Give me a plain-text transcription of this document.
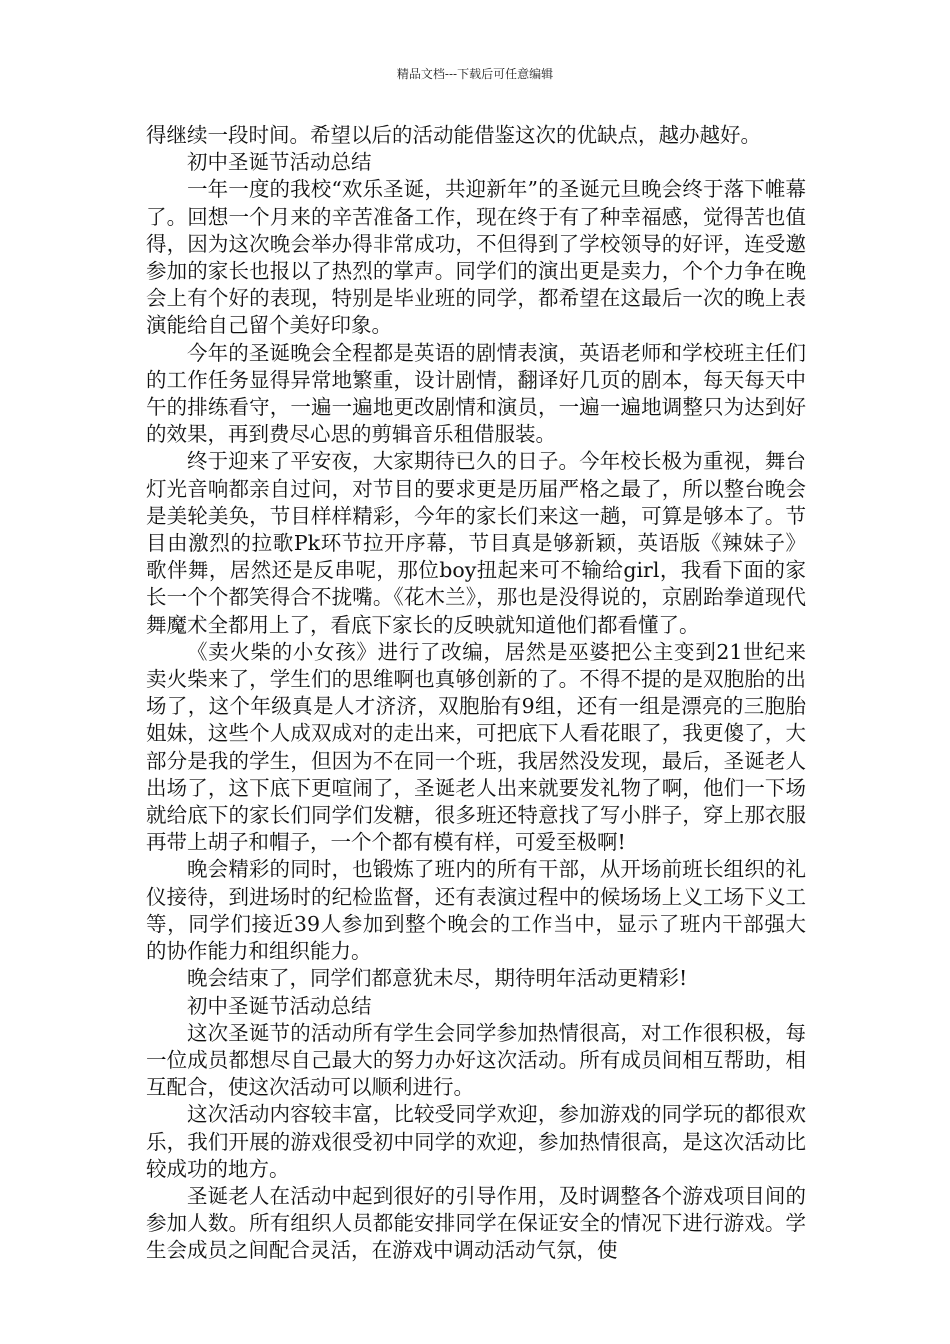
精品文档---下载后可任意编辑

得继续一段时间。希望以后的活动能借鉴这次的优缺点，越办越好。

初中圣诞节活动总结

一年一度的我校“欢乐圣诞，共迎新年”的圣诞元旦晚会终于落下帷幕了。回想一个月来的辛苦准备工作，现在终于有了种幸福感，觉得苦也值得，因为这次晚会举办得非常成功，不但得到了学校领导的好评，连受邀参加的家长也报以了热烈的掌声。同学们的演出更是卖力，个个力争在晚会上有个好的表现，特别是毕业班的同学，都希望在这最后一次的晚上表演能给自己留个美好印象。

今年的圣诞晚会全程都是英语的剧情表演，英语老师和学校班主任们的工作任务显得异常地繁重，设计剧情，翻译好几页的剧本，每天每天中午的排练看守，一遍一遍地更改剧情和演员，一遍一遍地调整只为达到好的效果，再到费尽心思的剪辑音乐租借服装。

终于迎来了平安夜，大家期待已久的日子。今年校长极为重视，舞台灯光音响都亲自过问，对节目的要求更是历届严格之最了，所以整台晚会是美轮美奂，节目样样精彩，今年的家长们来这一趟，可算是够本了。节目由激烈的拉歌Pk环节拉开序幕，节目真是够新颖，英语版《辣妹子》歌伴舞，居然还是反串呢，那位boy扭起来可不输给girl，我看下面的家长一个个都笑得合不拢嘴。《花木兰》，那也是没得说的，京剧跆拳道现代舞魔术全都用上了，看底下家长的反映就知道他们都看懂了。

《卖火柴的小女孩》进行了改编，居然是巫婆把公主变到21世纪来卖火柴来了，学生们的思维啊也真够创新的了。不得不提的是双胞胎的出场了，这个年级真是人才济济，双胞胎有9组，还有一组是漂亮的三胞胎姐妹，这些个人成双成对的走出来，可把底下人看花眼了，我更傻了，大部分是我的学生，但因为不在同一个班，我居然没发现，最后，圣诞老人出场了，这下底下更喧闹了，圣诞老人出来就要发礼物了啊，他们一下场就给底下的家长们同学们发糖，很多班还特意找了写小胖子，穿上那衣服再带上胡子和帽子，一个个都有模有样，可爱至极啊!

晚会精彩的同时，也锻炼了班内的所有干部，从开场前班长组织的礼仪接待，到进场时的纪检监督，还有表演过程中的候场场上义工场下义工等，同学们接近39人参加到整个晚会的工作当中，显示了班内干部强大的协作能力和组织能力。

晚会结束了，同学们都意犹未尽，期待明年活动更精彩!

初中圣诞节活动总结

这次圣诞节的活动所有学生会同学参加热情很高，对工作很积极，每一位成员都想尽自己最大的努力办好这次活动。所有成员间相互帮助，相互配合，使这次活动可以顺利进行。

这次活动内容较丰富，比较受同学欢迎，参加游戏的同学玩的都很欢乐，我们开展的游戏很受初中同学的欢迎，参加热情很高，是这次活动比较成功的地方。

圣诞老人在活动中起到很好的引导作用，及时调整各个游戏项目间的参加人数。所有组织人员都能安排同学在保证安全的情况下进行游戏。学生会成员之间配合灵活，在游戏中调动活动气氛，使
